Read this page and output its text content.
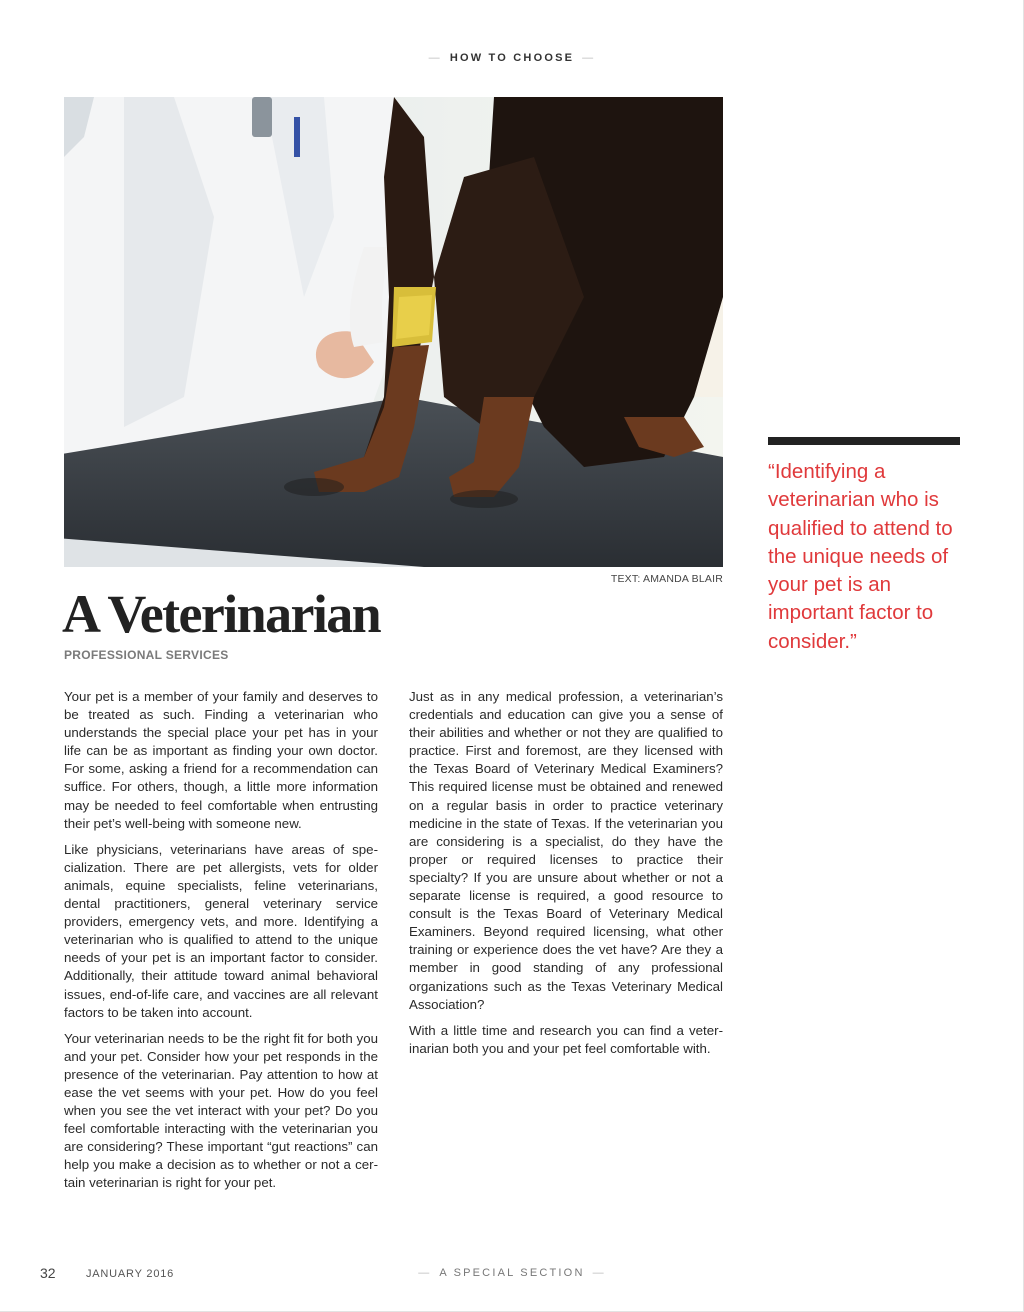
— HOW TO CHOOSE —
TEXT: AMANDA BLAIR
A Veterinarian
PROFESSIONAL SERVICES

Your pet is a member of your family and deserves to be treated as such. Finding a veterinarian who understands the special place your pet has in your life can be as important as finding your own doctor. For some, asking a friend for a recommendation can suffice. For others, though, a little more information may be needed to feel comfortable when entrusting their pet’s well-being with someone new.

Like physicians, veterinarians have areas of specialization. There are pet allergists, vets for older animals, equine specialists, feline veterinarians, dental practitioners, general veterinary service providers, emergency vets, and more. Identifying a veterinarian who is qualified to attend to the unique needs of your pet is an important factor to consider. Additionally, their attitude toward animal behavioral issues, end-of-life care, and vaccines are all relevant factors to be taken into account.

Your veterinarian needs to be the right fit for both you and your pet. Consider how your pet responds in the presence of the veterinarian. Pay attention to how at ease the vet seems with your pet. How do you feel when you see the vet interact with your pet? Do you feel comfortable interacting with the veterinarian you are considering? These important “gut reactions” can help you make a decision as to whether or not a certain veterinarian is right for your pet.

Just as in any medical profession, a veterinarian’s credentials and education can give you a sense of their abilities and whether or not they are qualified to practice. First and foremost, are they licensed with the Texas Board of Veterinary Medical Examiners? This required license must be obtained and renewed on a regular basis in order to practice veterinary medicine in the state of Texas. If the veterinarian you are considering is a specialist, do they have the proper or required licenses to practice their specialty? If you are unsure about whether or not a separate license is required, a good resource to consult is the Texas Board of Veterinary Medical Examiners. Beyond required licensing, what other training or experience does the vet have? Are they a member in good standing of any professional organizations such as the Texas Veterinary Medical Association?

With a little time and research you can find a veterinarian both you and your pet feel comfortable with.

“Identifying a veterinarian who is qualified to attend to the unique needs of your pet is an important factor to consider.”

32	JANUARY 2016	— A SPECIAL SECTION —
